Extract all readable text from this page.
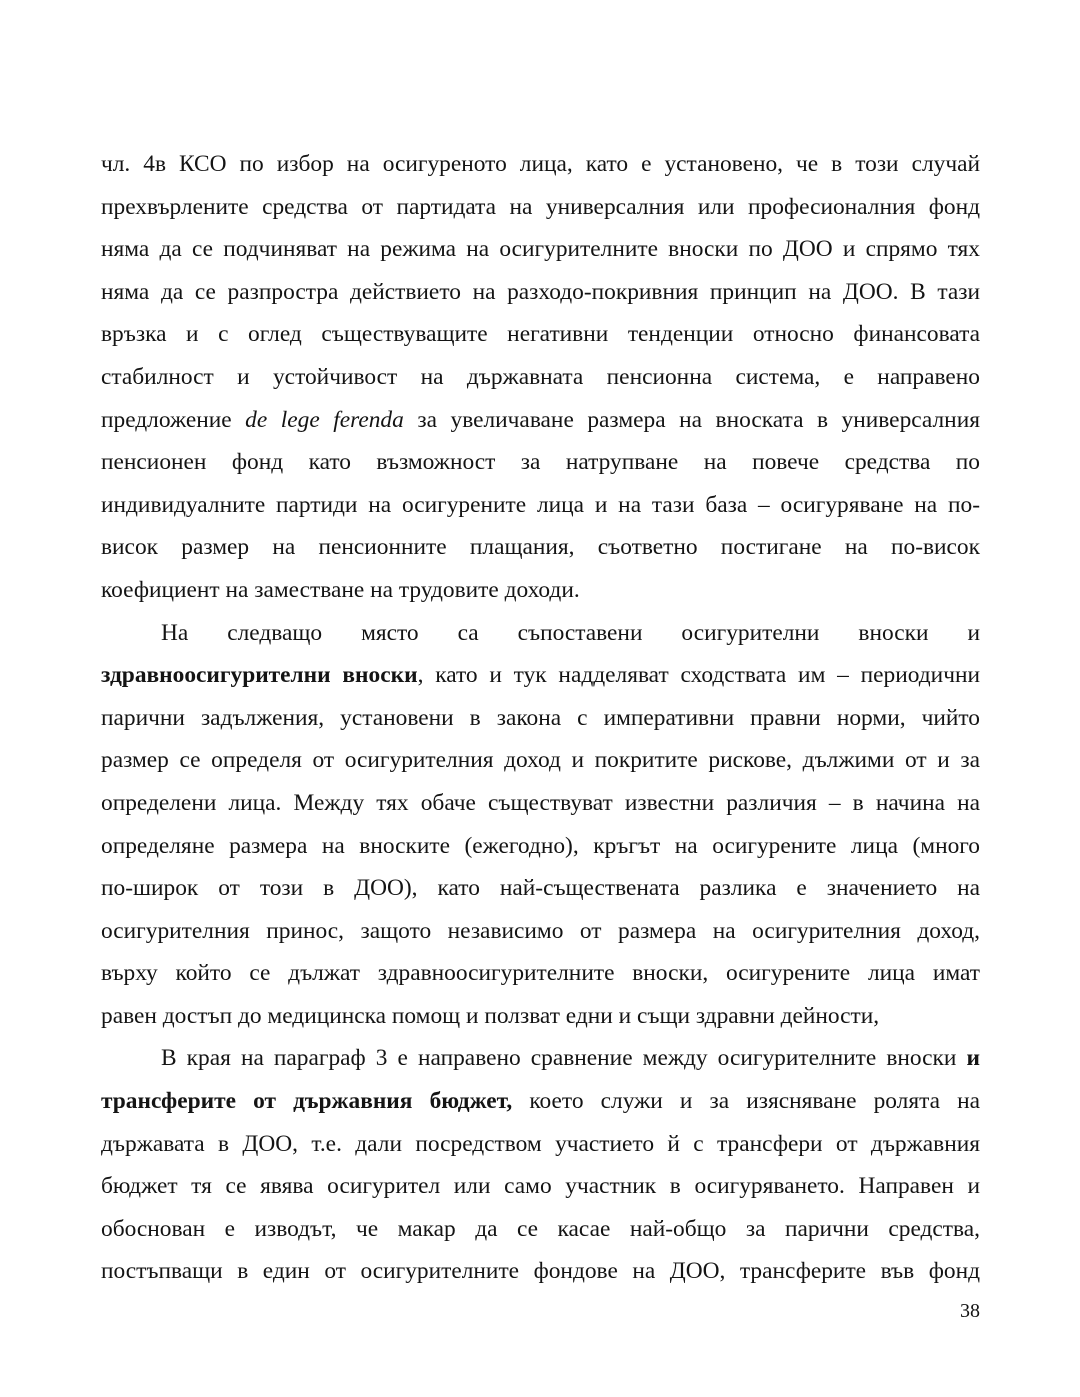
чл. 4в КСО по избор на осигуреното лица, като е установено, че в този случай
прехвърлените средства от партидата на универсалния или професионалния фонд
няма да се подчиняват на режима на осигурителните вноски по ДОО и спрямо тях
няма да се разпростра действието на разходо-покривния принцип на ДОО. В тази
връзка и с оглед съществуващите негативни тенденции относно финансовата
стабилност и устойчивост на държавната пенсионна система, е направено
предложение de lege ferenda за увеличаване размера на вноската в универсалния
пенсионен фонд като възможност за натрупване на повече средства по
индивидуалните партиди на осигурените лица и на тази база – осигуряване на по-
висок размер на пенсионните плащания, съответно постигане на по-висок
коефициент на заместване на трудовите доходи.

На следващо място са съпоставени осигурителни вноски и
здравноосигурителни вноски, като и тук надделяват сходствата им – периодични
парични задължения, установени в закона с императивни правни норми, чийто
размер се определя от осигурителния доход и покритите рискове, дължими от и за
определени лица. Между тях обаче съществуват известни различия – в начина на
определяне размера на вноските (ежегодно), кръгът на осигурените лица (много
по-широк от този в ДОО), като най-съществената разлика е значението на
осигурителния принос, защото независимо от размера на осигурителния доход,
върху който се дължат здравноосигурителните вноски, осигурените лица имат
равен достъп до медицинска помощ и ползват едни и същи здравни дейности,

В края на параграф 3 е направено сравнение между осигурителните вноски и
трансферите от държавния бюджет, което служи и за изясняване ролята на
държавата в ДОО, т.е. дали посредством участието й с трансфери от държавния
бюджет тя се явява осигурител или само участник в осигуряването. Направен и
обоснован е изводът, че макар да се касае най-общо за парични средства,
постъпващи в един от осигурителните фондове на ДОО, трансферите във фонд

38
